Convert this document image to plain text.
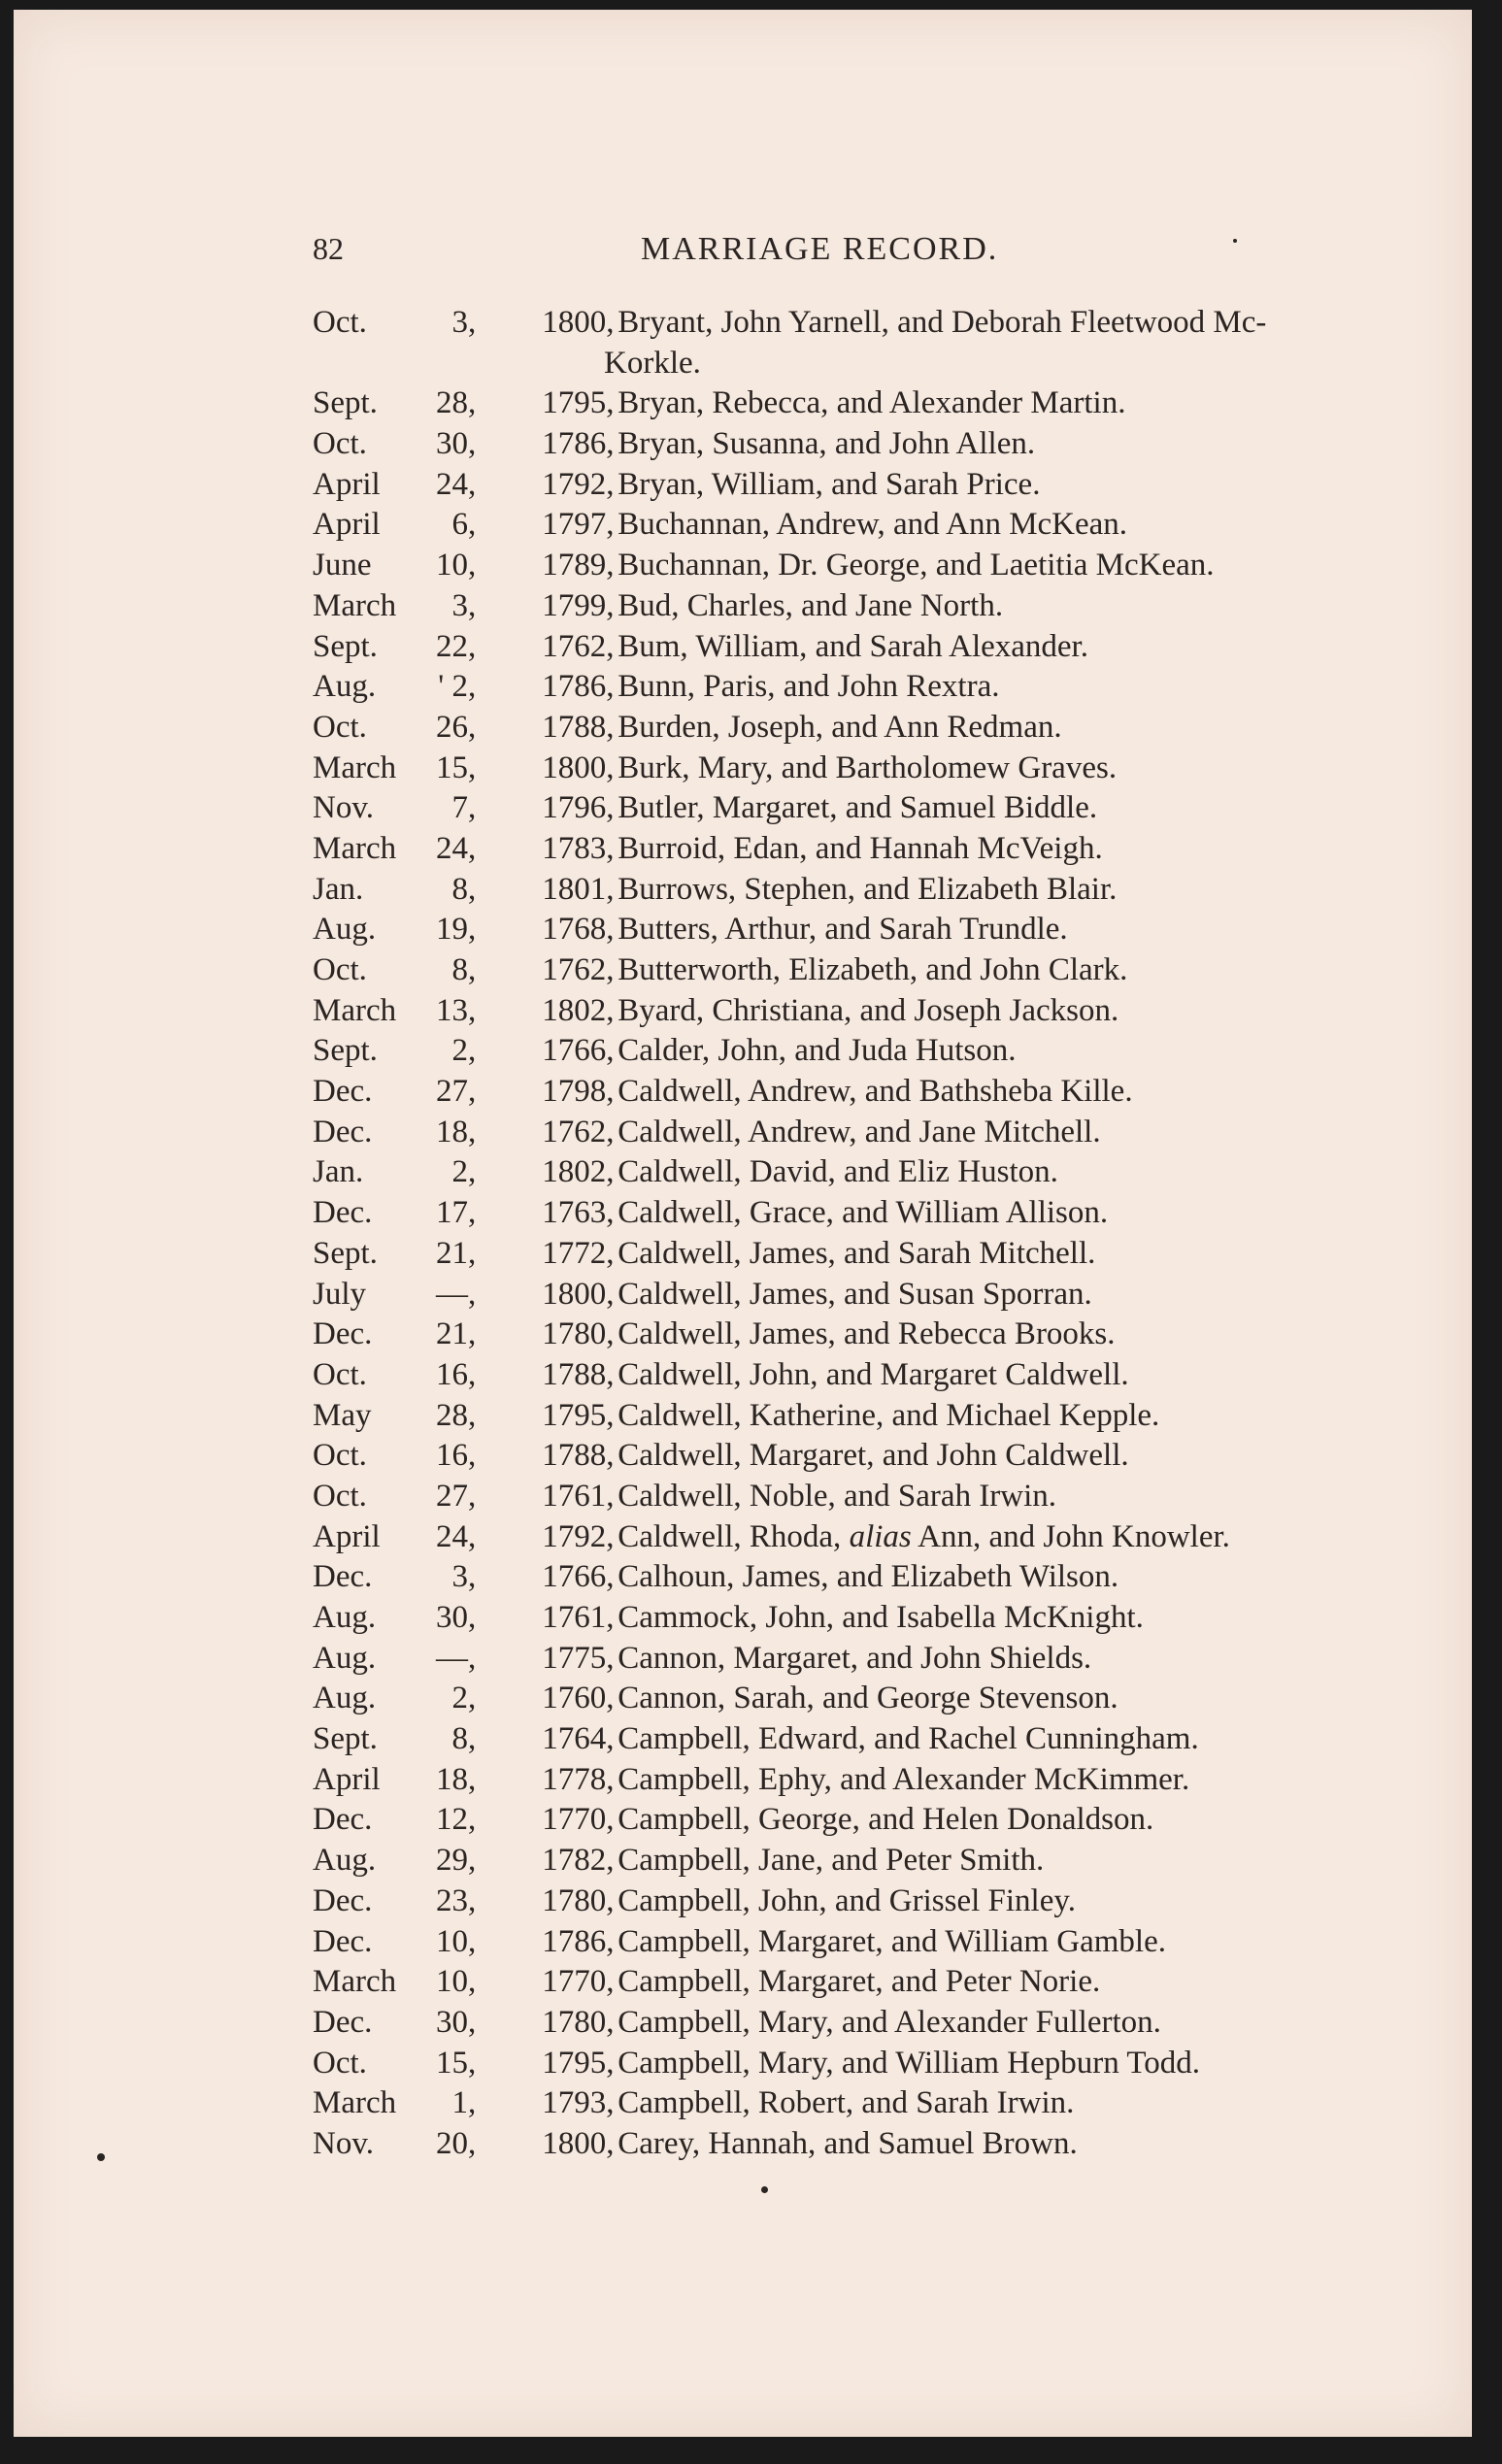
82	MARRIAGE RECORD.
Oct.	3 ,	1800 , Bryant, John Yarnell, and Deborah Fleetwood Mc-
Korkle.
Sept.	28 ,	1795 , Bryan, Rebecca, and Alexander Martin.
Oct.	30 ,	1786 , Bryan, Susanna, and John Allen.
April	24 ,	1792 , Bryan, William, and Sarah Price.
April	6 ,	1797 , Buchannan, Andrew, and Ann McKean.
June	10 ,	1789 , Buchannan, Dr. George, and Laetitia McKean.
March	3 ,	1799 , Bud, Charles, and Jane North.
Sept.	22 ,	1762 , Bum, William, and Sarah Alexander.
Aug.	' 2 ,	1786 , Bunn, Paris, and John Rextra.
Oct.	26 ,	1788 , Burden, Joseph, and Ann Redman.
March	15 ,	1800 , Burk, Mary, and Bartholomew Graves.
Nov.	7 ,	1796 , Butler, Margaret, and Samuel Biddle.
March	24 ,	1783 , Burroid, Edan, and Hannah McVeigh.
Jan.	8 ,	1801 , Burrows, Stephen, and Elizabeth Blair.
Aug.	19 ,	1768 , Butters, Arthur, and Sarah Trundle.
Oct.	8 ,	1762 , Butterworth, Elizabeth, and John Clark.
March	13 ,	1802 , Byard, Christiana, and Joseph Jackson.
Sept.	2 ,	1766 , Calder, John, and Juda Hutson.
Dec.	27 ,	1798 , Caldwell, Andrew, and Bathsheba Kille.
Dec.	18 ,	1762 , Caldwell, Andrew, and Jane Mitchell.
Jan.	2 ,	1802 , Caldwell, David, and Eliz Huston.
Dec.	17 ,	1763 , Caldwell, Grace, and William Allison.
Sept.	21 ,	1772 , Caldwell, James, and Sarah Mitchell.
July	— ,	1800 , Caldwell, James, and Susan Sporran.
Dec.	21 ,	1780 , Caldwell, James, and Rebecca Brooks.
Oct.	16 ,	1788 , Caldwell, John, and Margaret Caldwell.
May	28 ,	1795 , Caldwell, Katherine, and Michael Kepple.
Oct.	16 ,	1788 , Caldwell, Margaret, and John Caldwell.
Oct.	27 ,	1761 , Caldwell, Noble, and Sarah Irwin.
April	24 ,	1792 , Caldwell, Rhoda, alias Ann, and John Knowler.
Dec.	3 ,	1766 , Calhoun, James, and Elizabeth Wilson.
Aug.	30 ,	1761 , Cammock, John, and Isabella McKnight.
Aug.	— ,	1775 , Cannon, Margaret, and John Shields.
Aug.	2 ,	1760 , Cannon, Sarah, and George Stevenson.
Sept.	8 ,	1764 , Campbell, Edward, and Rachel Cunningham.
April	18 ,	1778 , Campbell, Ephy, and Alexander McKimmer.
Dec.	12 ,	1770 , Campbell, George, and Helen Donaldson.
Aug.	29 ,	1782 , Campbell, Jane, and Peter Smith.
Dec.	23 ,	1780 , Campbell, John, and Grissel Finley.
Dec.	10 ,	1786 , Campbell, Margaret, and William Gamble.
March	10 ,	1770 , Campbell, Margaret, and Peter Norie.
Dec.	30 ,	1780 , Campbell, Mary, and Alexander Fullerton.
Oct.	15 ,	1795 , Campbell, Mary, and William Hepburn Todd.
March	1 ,	1793 , Campbell, Robert, and Sarah Irwin.
Nov.	20 ,	1800 , Carey, Hannah, and Samuel Brown.
